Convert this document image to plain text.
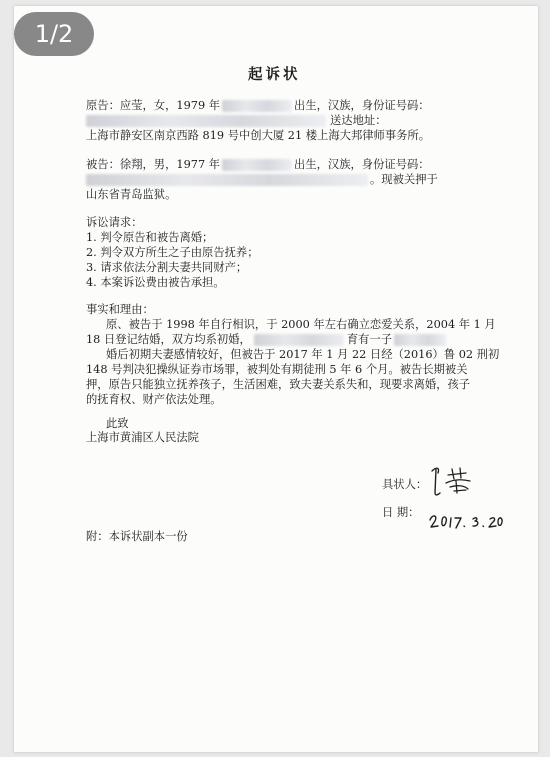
起诉状
原告：应莹，女，1979 年	出生，汉族，身份证号码：
送达地址：
上海市静安区南京西路 819 号中创大厦 21 楼上海大邦律师事务所。
被告：徐翔，男，1977 年	出生，汉族，身份证号码：
。现被关押于
山东省青岛监狱。
诉讼请求：
1. 判令原告和被告离婚；
2. 判令双方所生之子由原告抚养；
3. 请求依法分割夫妻共同财产；
4. 本案诉讼费由被告承担。
事实和理由：
原、被告于 1998 年自行相识，于 2000 年左右确立恋爱关系，2004 年 1 月
18 日登记结婚，双方均系初婚，	育有一子
婚后初期夫妻感情较好，但被告于 2017 年 1 月 22 日经（2016）鲁 02 刑初
148 号判决犯操纵证券市场罪，被判处有期徒刑 5 年 6 个月。被告长期被关
押，原告只能独立抚养孩子，生活困难，致夫妻关系失和，现要求离婚，孩子
的抚育权、财产依法处理。
此致
上海市黄浦区人民法院
具状人：
日 期：
附：本诉状副本一份
1/2
